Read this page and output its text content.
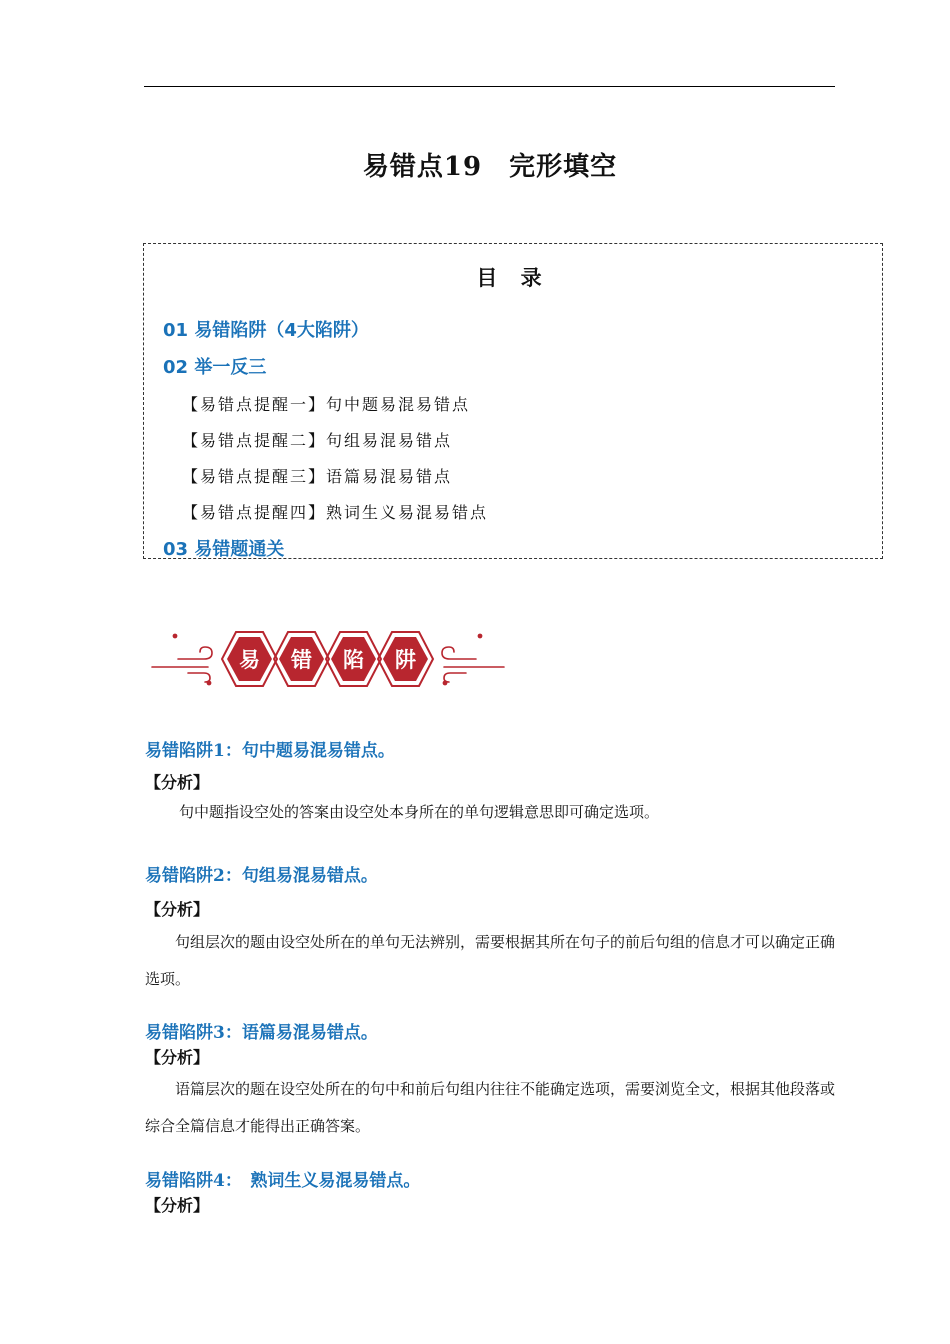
易错点19　完形填空
目 录
01 易错陷阱（4大陷阱）
02 举一反三
【易错点提醒一】句中题易混易错点
【易错点提醒二】句组易混易错点
【易错点提醒三】语篇易混易错点
【易错点提醒四】熟词生义易混易错点
03 易错题通关
易 错 陷 阱
易错陷阱1：句中题易混易错点。
【分析】

句中题指设空处的答案由设空处本身所在的单句逻辑意思即可确定选项。

易错陷阱2：句组易混易错点。
【分析】

句组层次的题由设空处所在的单句无法辨别，需要根据其所在句子的前后句组的信息才可以确定正确选项。

易错陷阱3：语篇易混易错点。
【分析】

语篇层次的题在设空处所在的句中和前后句组内往往不能确定选项，需要浏览全文，根据其他段落或综合全篇信息才能得出正确答案。

易错陷阱4：　熟词生义易混易错点。
【分析】
